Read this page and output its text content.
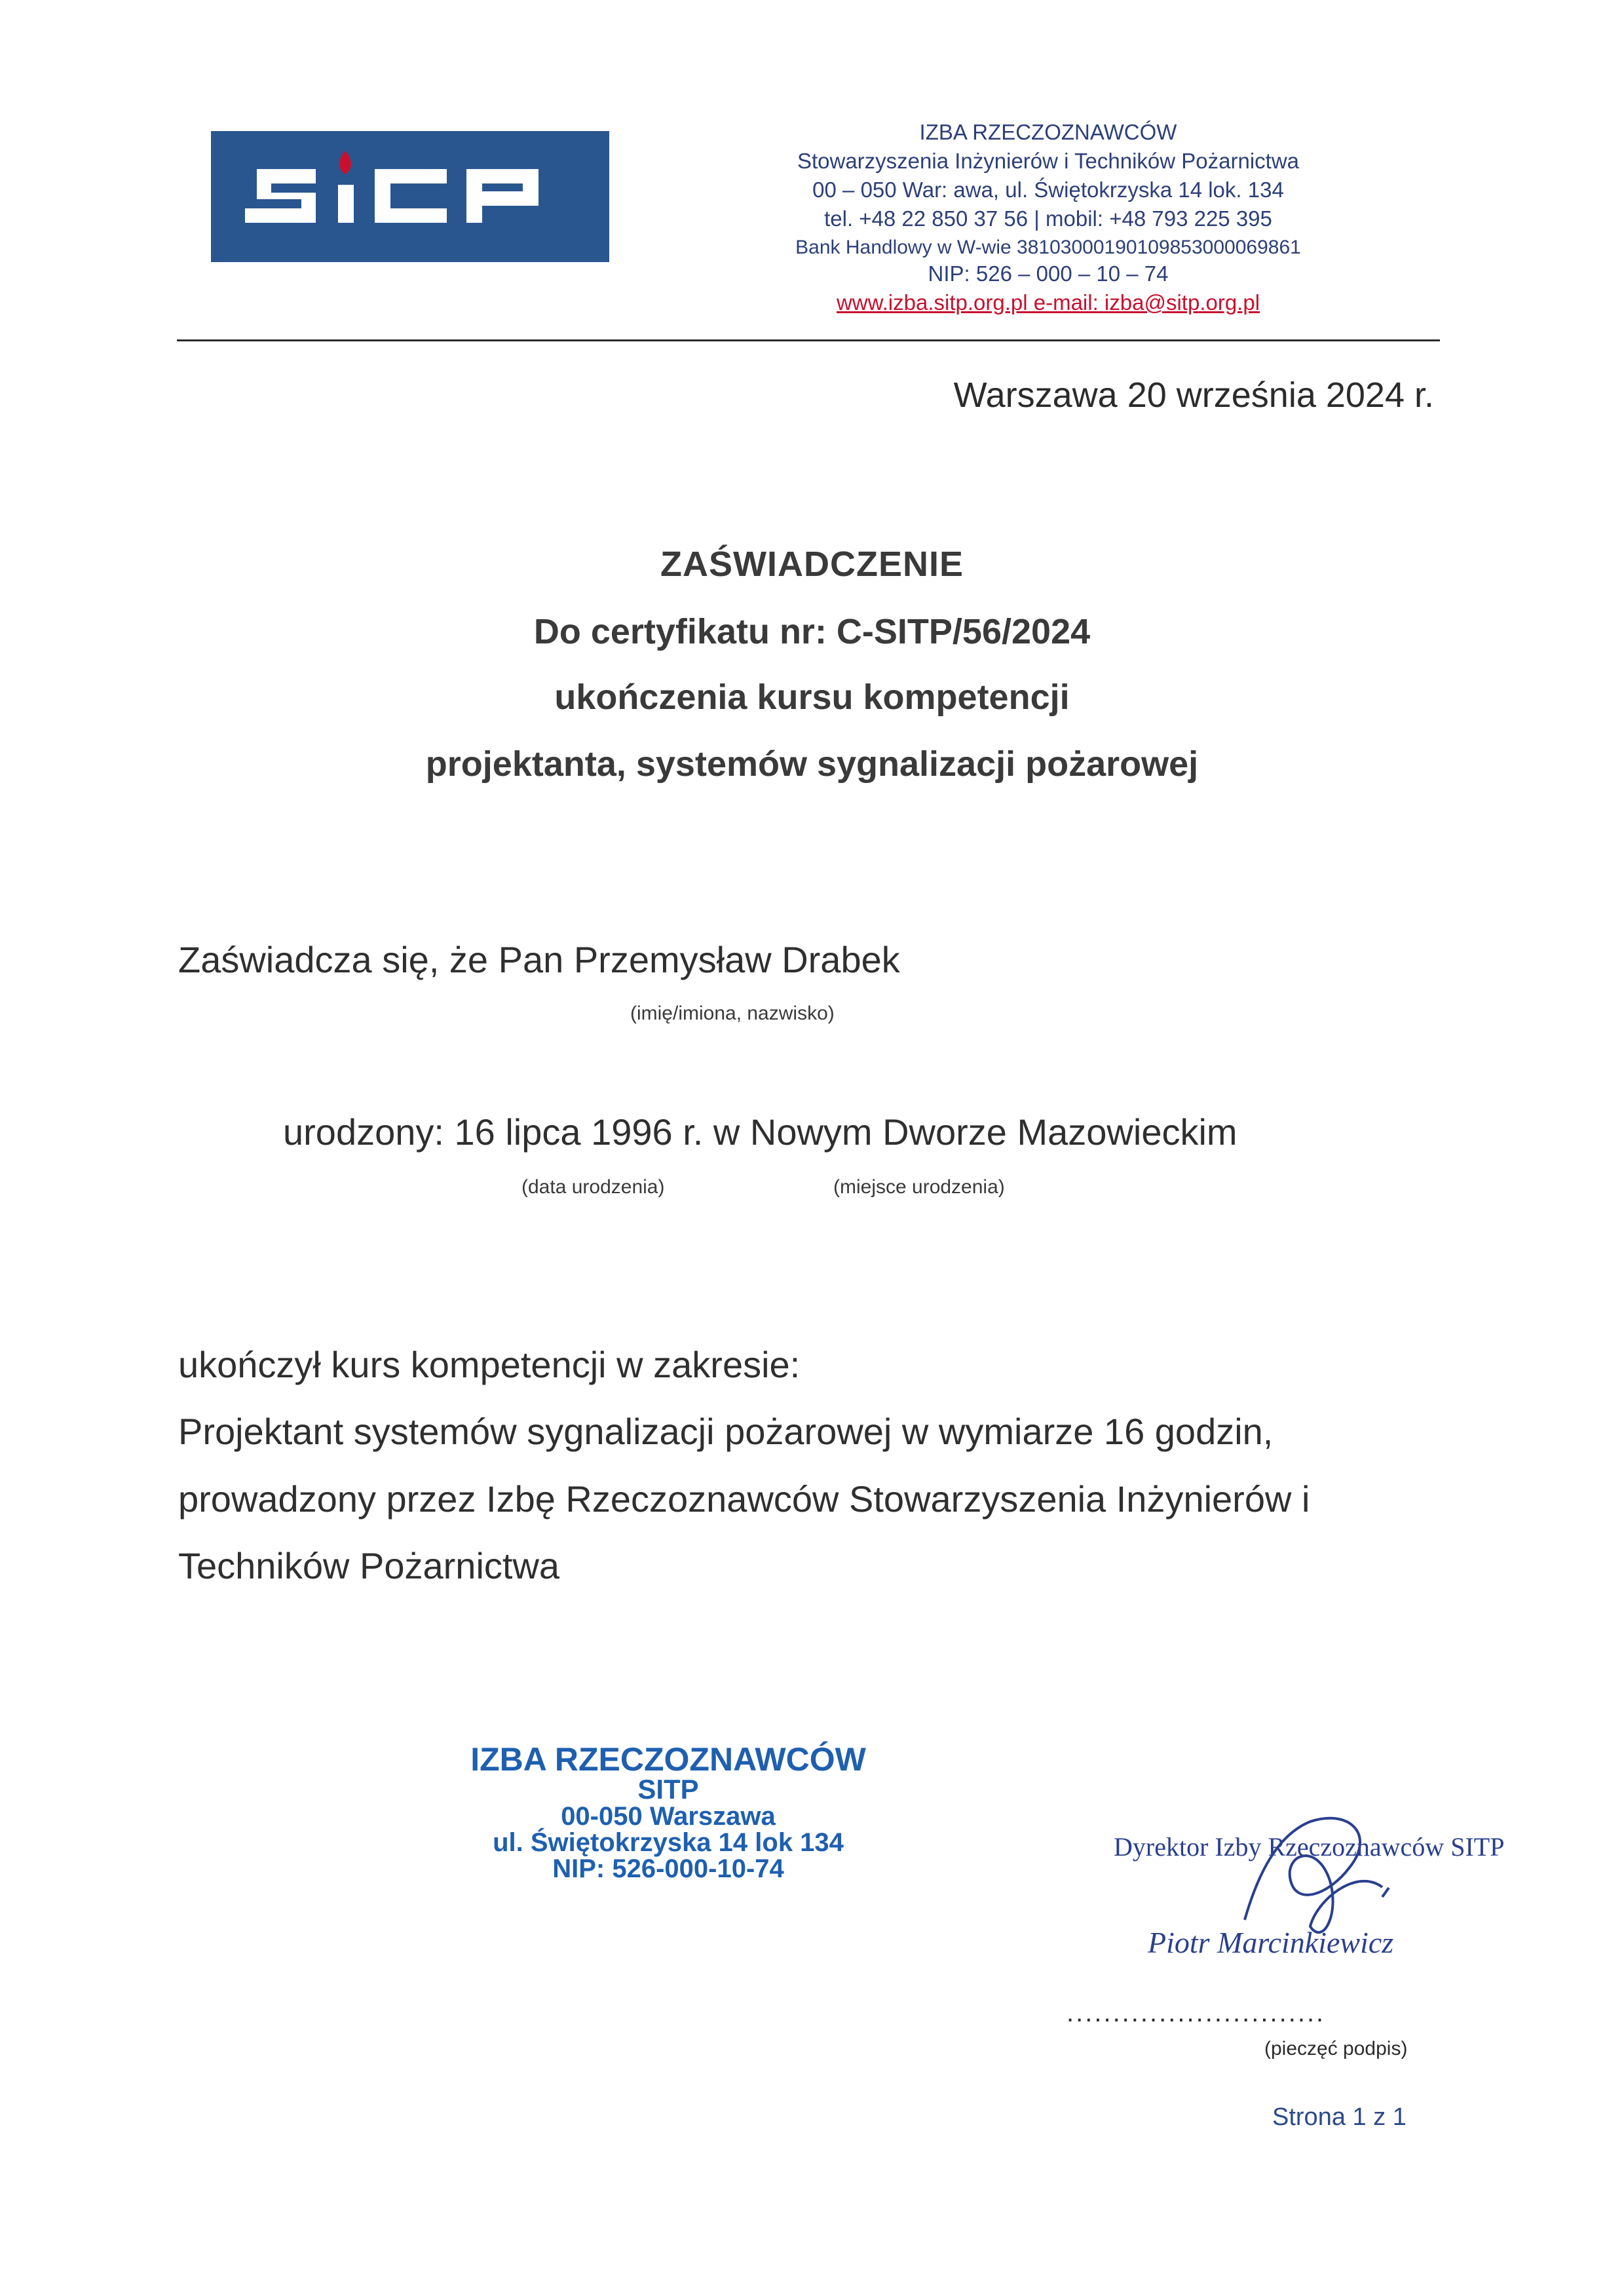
IZBA RZECZOZNAWCÓW
Stowarzyszenia Inżynierów i Techników Pożarnictwa
00 – 050 War: awa, ul. Świętokrzyska 14 lok. 134
tel. +48 22 850 37 56 | mobil: +48 793 225 395
Bank Handlowy w W-wie 38103000190109853000069861
NIP: 526 – 000 – 10 – 74
www.izba.sitp.org.pl e-mail: izba@sitp.org.pl
Warszawa 20 września 2024 r.
ZAŚWIADCZENIE
Do certyfikatu nr: C-SITP/56/2024
ukończenia kursu kompetencji
projektanta, systemów sygnalizacji pożarowej
Zaświadcza się, że Pan Przemysław Drabek
(imię/imiona, nazwisko)
urodzony: 16 lipca 1996 r. w Nowym Dworze Mazowieckim
(data urodzenia)	(miejsce urodzenia)
ukończył kurs kompetencji w zakresie:
Projektant systemów sygnalizacji pożarowej w wymiarze 16 godzin,
prowadzony przez Izbę Rzeczoznawców Stowarzyszenia Inżynierów i
Techników Pożarnictwa
IZBA RZECZOZNAWCÓW
SITP
00-050 Warszawa
ul. Świętokrzyska 14 lok 134
NIP: 526-000-10-74
Dyrektor Izby Rzeczoznawców SITP
Piotr Marcinkiewicz
............................
(pieczęć podpis)
Strona 1 z 1
